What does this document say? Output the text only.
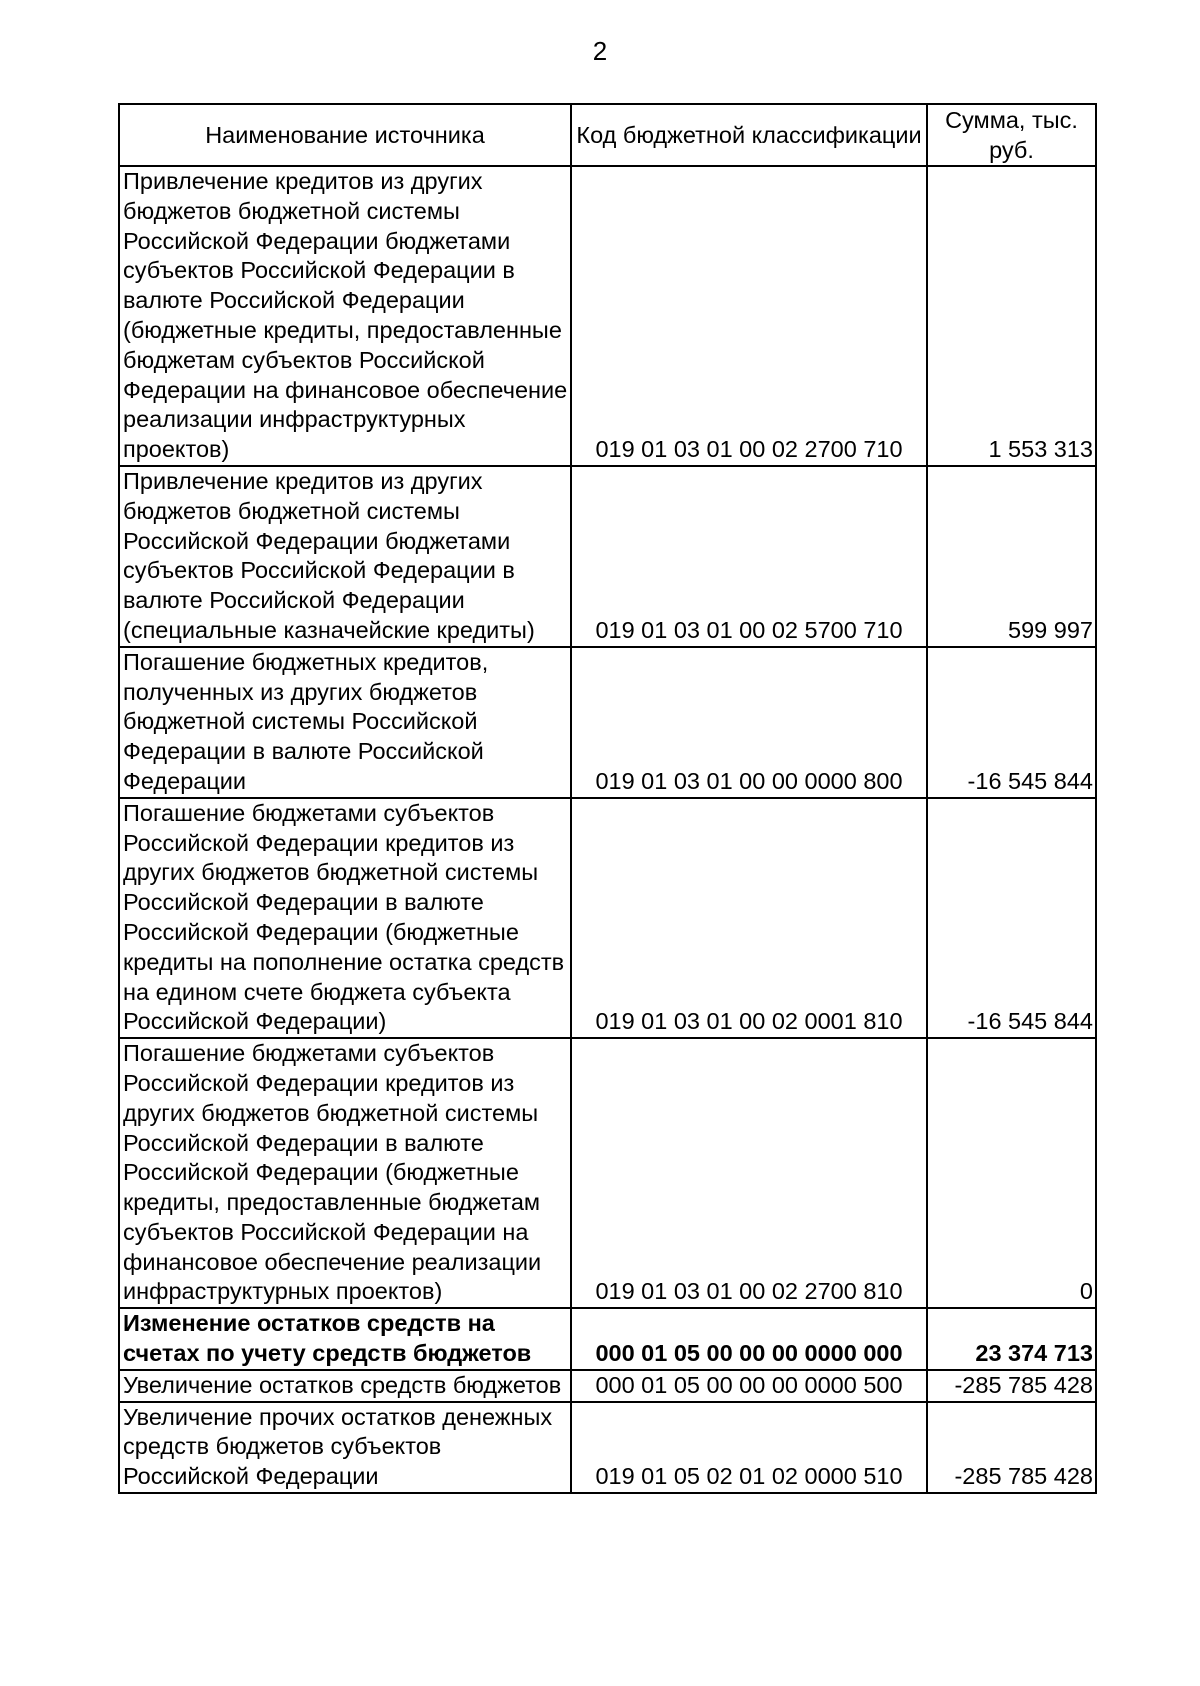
2
Наименование источника	Код бюджетной классификации	Сумма, тыс. руб.
Привлечение кредитов из других бюджетов бюджетной системы Российской Федерации бюджетами субъектов Российской Федерации в валюте Российской Федерации (бюджетные кредиты, предоставленные бюджетам субъектов Российской Федерации на финансовое обеспечение реализации инфраструктурных проектов)	019 01 03 01 00 02 2700 710	1 553 313
Привлечение кредитов из других бюджетов бюджетной системы Российской Федерации бюджетами субъектов Российской Федерации в валюте Российской Федерации (специальные казначейские кредиты)	019 01 03 01 00 02 5700 710	599 997
Погашение бюджетных кредитов, полученных из других бюджетов бюджетной системы Российской Федерации в валюте Российской Федерации	019 01 03 01 00 00 0000 800	-16 545 844
Погашение бюджетами субъектов Российской Федерации кредитов из других бюджетов бюджетной системы Российской Федерации в валюте Российской Федерации (бюджетные кредиты на пополнение остатка средств на едином счете бюджета субъекта Российской Федерации)	019 01 03 01 00 02 0001 810	-16 545 844
Погашение бюджетами субъектов Российской Федерации кредитов из других бюджетов бюджетной системы Российской Федерации в валюте Российской Федерации (бюджетные кредиты, предоставленные бюджетам субъектов Российской Федерации на финансовое обеспечение реализации инфраструктурных проектов)	019 01 03 01 00 02 2700 810	0
Изменение остатков средств на счетах по учету средств бюджетов	000 01 05 00 00 00 0000 000	23 374 713
Увеличение остатков средств бюджетов	000 01 05 00 00 00 0000 500	-285 785 428
Увеличение прочих остатков денежных средств бюджетов субъектов Российской Федерации	019 01 05 02 01 02 0000 510	-285 785 428
